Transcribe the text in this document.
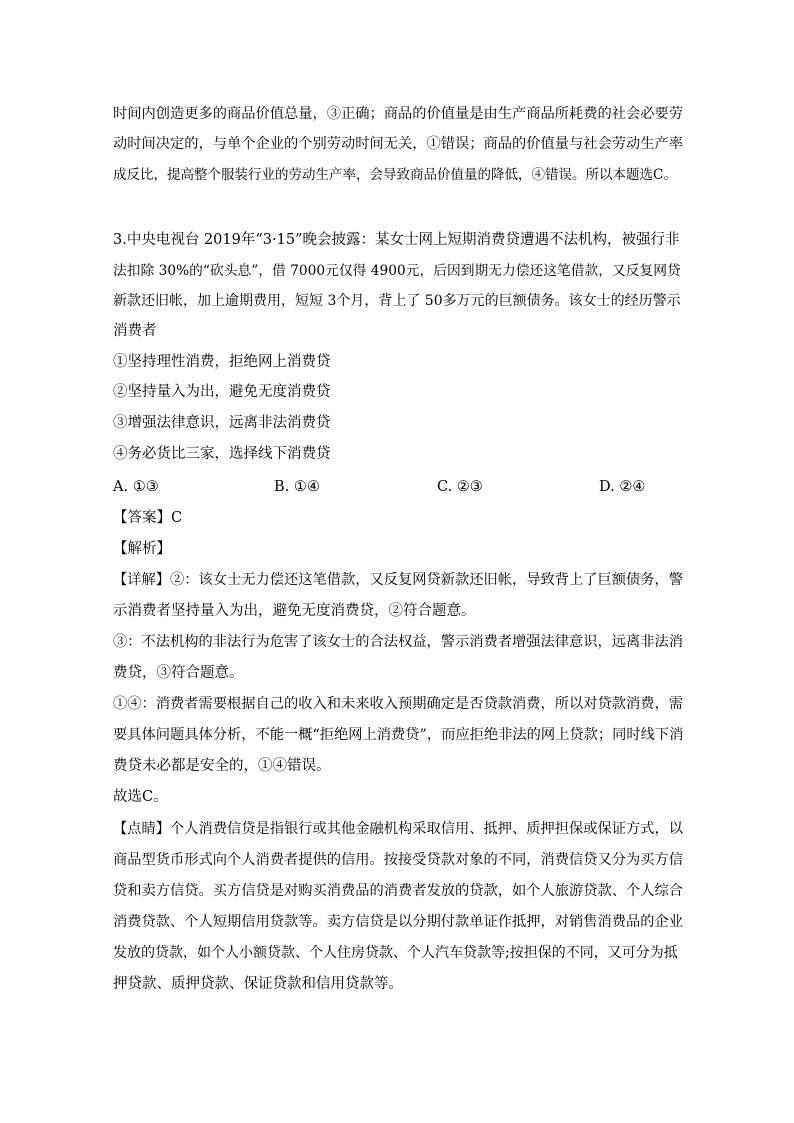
时间内创造更多的商品价值总量，③正确；商品的价值量是由生产商品所耗费的社会必要劳
动时间决定的，与单个企业的个别劳动时间无关，①错误；商品的价值量与社会劳动生产率
成反比，提高整个服装行业的劳动生产率，会导致商品价值量的降低，④错误。所以本题选C。
3.中央电视台 2019年“3·15”晚会披露：某女士网上短期消费贷遭遇不法机构，被强行非
法扣除 30%的“砍头息”，借 7000元仅得 4900元，后因到期无力偿还这笔借款，又反复网贷
新款还旧帐，加上逾期费用，短短 3个月，背上了 50多万元的巨额债务。该女士的经历警示
消费者
①坚持理性消费，拒绝网上消费贷
②坚持量入为出，避免无度消费贷
③增强法律意识，远离非法消费贷
④务必货比三家，选择线下消费贷
A. ①③	B. ①④	C. ②③	D. ②④
【答案】C
【解析】
【详解】②：该女士无力偿还这笔借款，又反复网贷新款还旧帐，导致背上了巨额债务，警
示消费者坚持量入为出，避免无度消费贷，②符合题意。
③：不法机构的非法行为危害了该女士的合法权益，警示消费者增强法律意识，远离非法消
费贷，③符合题意。
①④：消费者需要根据自己的收入和未来收入预期确定是否贷款消费，所以对贷款消费，需
要具体问题具体分析，不能一概“拒绝网上消费贷”，而应拒绝非法的网上贷款；同时线下消
费贷未必都是安全的，①④错误。
故选C。
【点睛】个人消费信贷是指银行或其他金融机构采取信用、抵押、质押担保或保证方式，以
商品型货币形式向个人消费者提供的信用。按接受贷款对象的不同，消费信贷又分为买方信
贷和卖方信贷。买方信贷是对购买消费品的消费者发放的贷款，如个人旅游贷款、个人综合
消费贷款、个人短期信用贷款等。卖方信贷是以分期付款单证作抵押，对销售消费品的企业
发放的贷款，如个人小额贷款、个人住房贷款、个人汽车贷款等;按担保的不同，又可分为抵
押贷款、质押贷款、保证贷款和信用贷款等。
